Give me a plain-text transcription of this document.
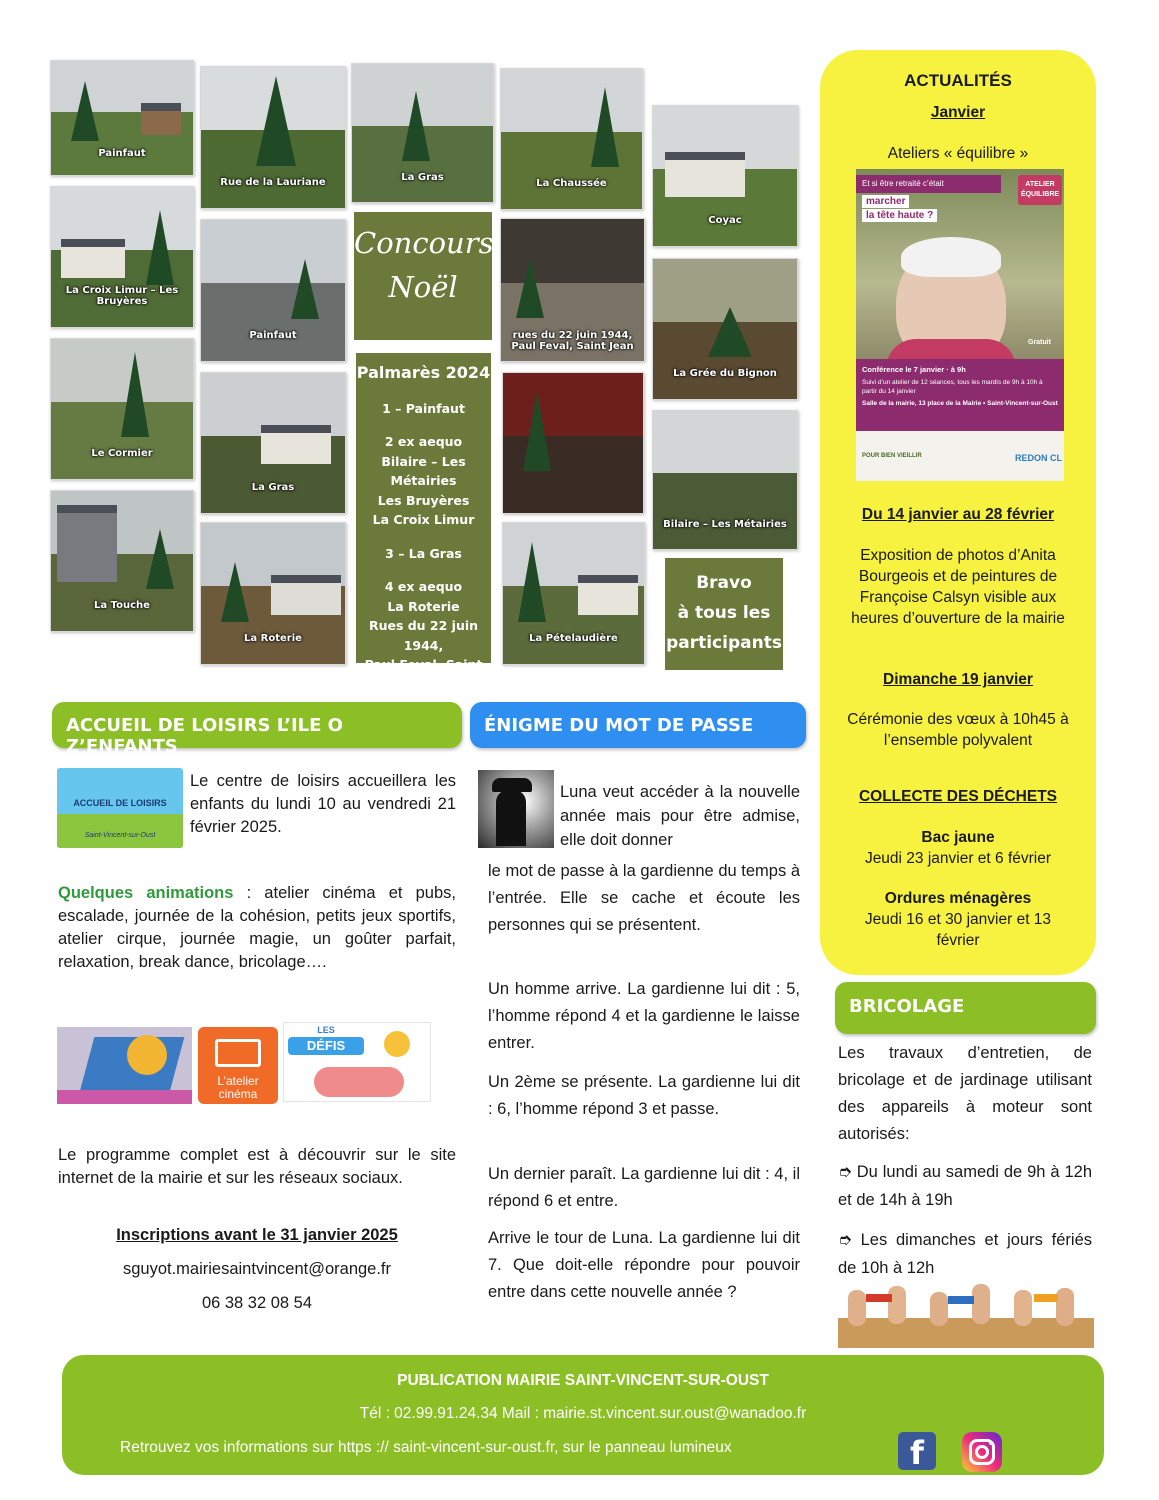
Painfaut
La Croix Limur – Les Bruyères
Le Cormier
La Touche
Rue de la Lauriane
Painfaut
La Gras
La Roterie
La Gras
Concours
Noël
Palmarès 2024
1 – Painfaut
2 ex aequo
Bilaire – Les Métairies
Les Bruyères
La Croix Limur
3 – La Gras
4 ex aequo
La Roterie
Rues du 22 juin 1944,
Paul Feval, Saint Jean
La Chaussée
rues du 22 juin 1944, Paul Feval, Saint Jean
La Pételaudière
Coyac
La Grée du Bignon
Bilaire – Les Métairies
Bravo
à tous les
participants
ACCUEIL DE LOISIRS L’ILE O Z’ENFANTS
ACCUEIL DE LOISIRS
Saint-Vincent-sur-Oust
Le centre de loisirs accueillera les enfants du lundi 10 au vendredi 21 février 2025.
Quelques animations : atelier cinéma et pubs, escalade, journée de la cohésion, petits jeux sportifs, atelier cirque, journée magie, un goûter parfait, relaxation, break dance, bricolage….
L’atelier
cinéma
LES
DÉFIS
Le programme complet est à découvrir sur le site internet de la mairie et sur les réseaux sociaux.
Inscriptions avant le 31 janvier 2025
sguyot.mairiesaintvincent@orange.fr
06 38 32 08 54
ÉNIGME DU MOT DE PASSE
Luna veut accéder à la nouvelle année mais pour être admise, elle doit donner
le mot de passe à la gardienne du temps à l’entrée. Elle se cache et écoute les personnes qui se présentent.
Un homme arrive. La gardienne lui dit : 5, l’homme répond 4 et la gardienne le laisse entrer.
Un 2ème se présente. La gardienne lui dit : 6, l’homme répond 3 et passe.
Un dernier paraît. La gardienne lui dit : 4, il répond 6 et entre.
Arrive le tour de Luna. La gardienne lui dit 7. Que doit-elle répondre pour pouvoir entre dans cette nouvelle année ?
ACTUALITÉS
Janvier
Ateliers « équilibre »
Et si être retraité c’était
marcher
la tête haute ?
ATELIER
ÉQUILIBRE
Gratuit
Conférence le 7 janvier · à 9h
Suivi d’un atelier de 12 séances, tous les mardis de 9h à 10h à partir du 14 janvier
Salle de la mairie, 13 place de la Mairie • Saint-Vincent-sur-Oust
POUR BIEN VIEILLIR	REDON CL
Du 14 janvier au 28 février
Exposition de photos d’Anita Bourgeois et de peintures de Françoise Calsyn visible aux heures d’ouverture de la mairie
Dimanche 19 janvier
Cérémonie des vœux à 10h45 à l’ensemble polyvalent
COLLECTE DES DÉCHETS
Bac jaune
Jeudi 23 janvier et 6 février
Ordures ménagères
Jeudi 16 et 30 janvier et 13 février
BRICOLAGE
Les travaux d’entretien, de bricolage et de jardinage utilisant des appareils à moteur sont autorisés:
➮ Du lundi au samedi de 9h à 12h et de 14h à 19h
➮ Les dimanches et jours fériés de 10h à 12h
PUBLICATION MAIRIE SAINT-VINCENT-SUR-OUST
Tél : 02.99.91.24.34 Mail : mairie.st.vincent.sur.oust@wanadoo.fr
Retrouvez vos informations sur https :// saint-vincent-sur-oust.fr, sur le panneau lumineux	f
